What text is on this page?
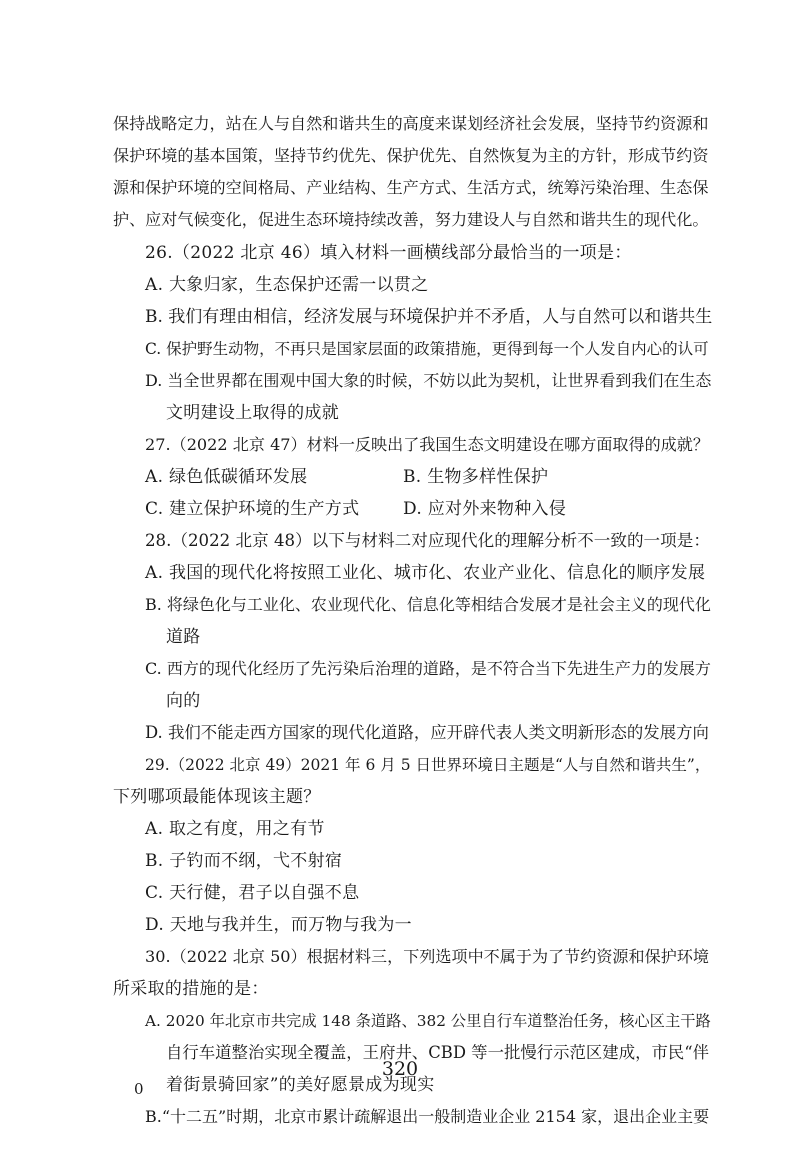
保持战略定力，站在人与自然和谐共生的高度来谋划经济社会发展，坚持节约资源和
保护环境的基本国策，坚持节约优先、保护优先、自然恢复为主的方针，形成节约资
源和保护环境的空间格局、产业结构、生产方式、生活方式，统筹污染治理、生态保
护、应对气候变化，促进生态环境持续改善，努力建设人与自然和谐共生的现代化。
26.（2022 北京 46）填入材料一画横线部分最恰当的一项是：
A. 大象归家，生态保护还需一以贯之
B. 我们有理由相信，经济发展与环境保护并不矛盾，人与自然可以和谐共生
C. 保护野生动物，不再只是国家层面的政策措施，更得到每一个人发自内心的认可
D. 当全世界都在围观中国大象的时候，不妨以此为契机，让世界看到我们在生态
文明建设上取得的成就
27.（2022 北京 47）材料一反映出了我国生态文明建设在哪方面取得的成就？
A. 绿色低碳循环发展	B. 生物多样性保护
C. 建立保护环境的生产方式	D. 应对外来物种入侵
28.（2022 北京 48）以下与材料二对应现代化的理解分析不一致的一项是：
A. 我国的现代化将按照工业化、城市化、农业产业化、信息化的顺序发展
B. 将绿色化与工业化、农业现代化、信息化等相结合发展才是社会主义的现代化
道路
C. 西方的现代化经历了先污染后治理的道路，是不符合当下先进生产力的发展方
向的
D. 我们不能走西方国家的现代化道路，应开辟代表人类文明新形态的发展方向
29.（2022 北京 49）2021 年 6 月 5 日世界环境日主题是“人与自然和谐共生”，
下列哪项最能体现该主题？
A. 取之有度，用之有节
B. 子钓而不纲，弋不射宿
C. 天行健，君子以自强不息
D. 天地与我并生，而万物与我为一
30.（2022 北京 50）根据材料三，下列选项中不属于为了节约资源和保护环境
所采取的措施的是：
A. 2020 年北京市共完成 148 条道路、382 公里自行车道整治任务，核心区主干路
自行车道整治实现全覆盖，王府井、CBD 等一批慢行示范区建成，市民“伴
着街景骑回家”的美好愿景成为现实
B.“十二五”时期，北京市累计疏解退出一般制造业企业 2154 家，退出企业主要
320
0
